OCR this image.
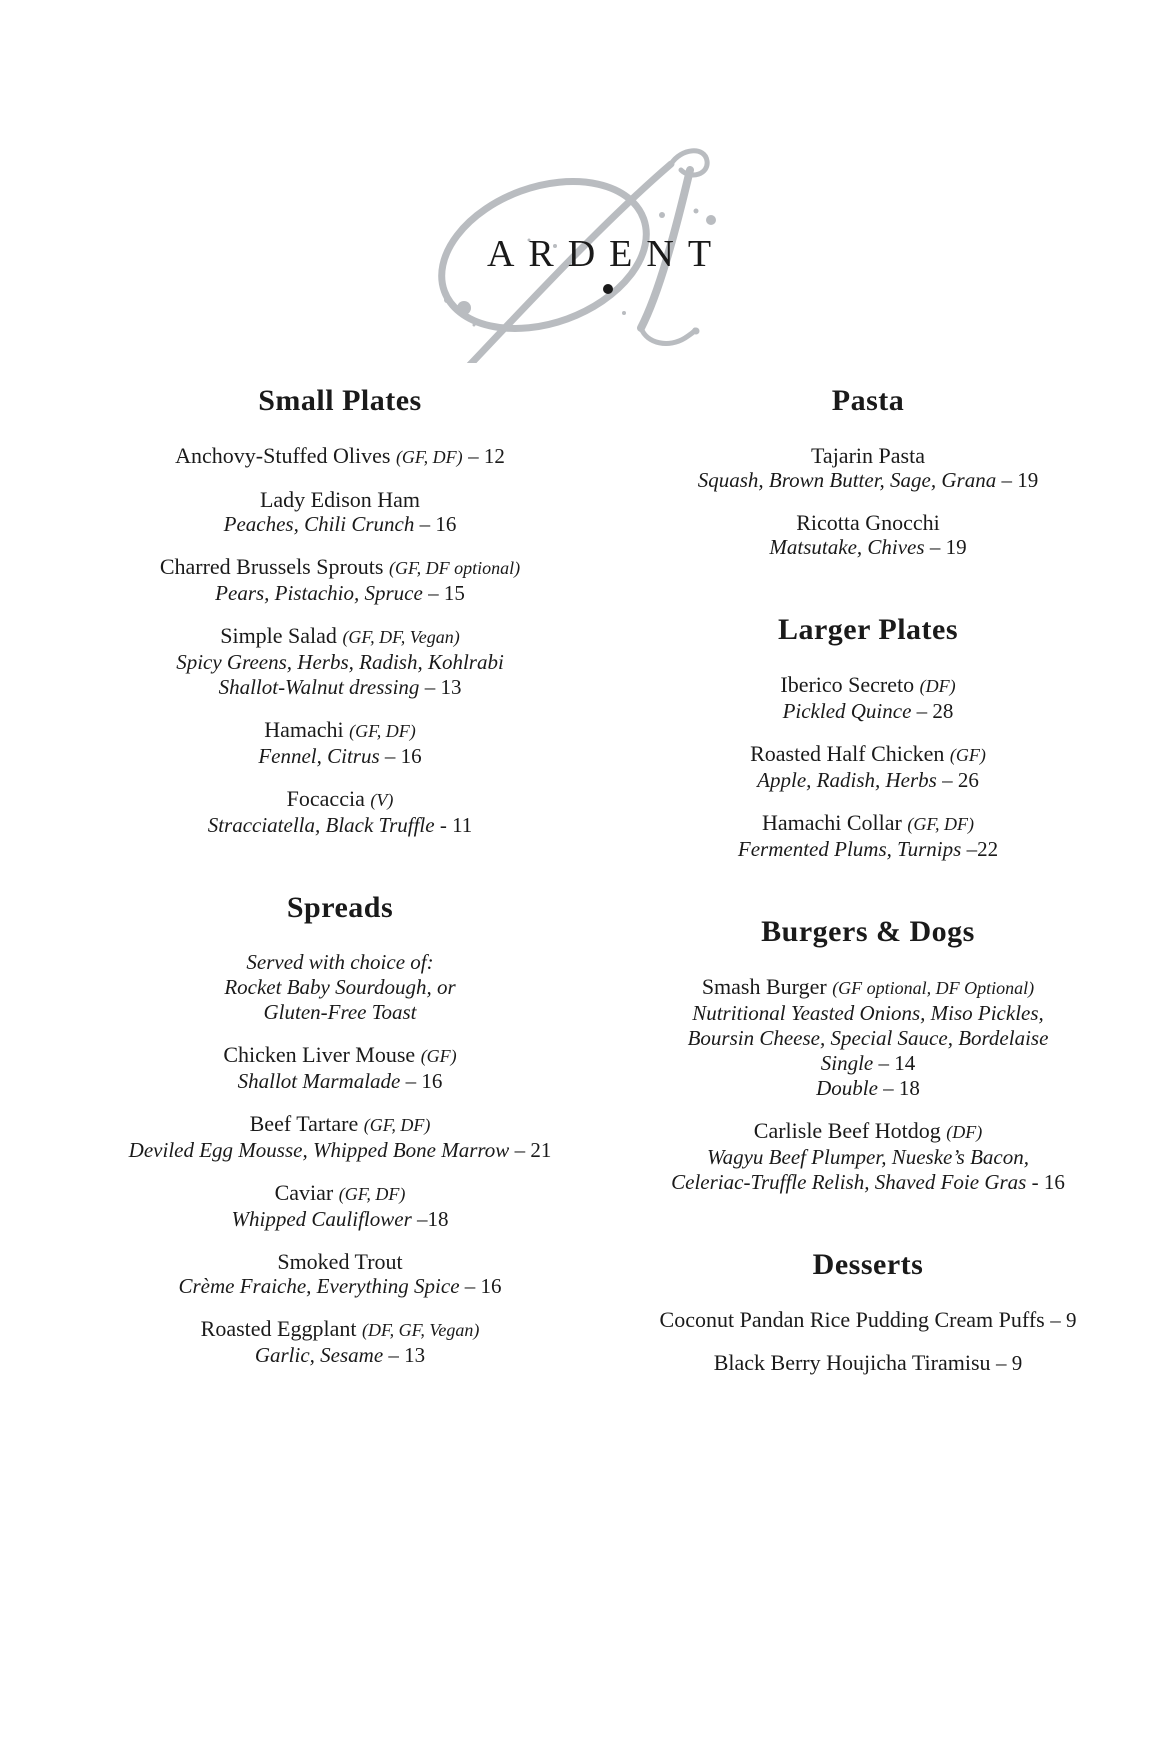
ARDENT
Small Plates
Anchovy-Stuffed Olives (GF, DF) – 12
Lady Edison Ham
Peaches, Chili Crunch – 16
Charred Brussels Sprouts (GF, DF optional)
Pears, Pistachio, Spruce – 15
Simple Salad (GF, DF, Vegan)
Spicy Greens, Herbs, Radish, Kohlrabi
Shallot-Walnut dressing – 13
Hamachi (GF, DF)
Fennel, Citrus – 16
Focaccia (V)
Stracciatella, Black Truffle - 11
Spreads
Served with choice of:
Rocket Baby Sourdough, or
Gluten-Free Toast
Chicken Liver Mouse (GF)
Shallot Marmalade – 16
Beef Tartare (GF, DF)
Deviled Egg Mousse, Whipped Bone Marrow – 21
Caviar (GF, DF)
Whipped Cauliflower –18
Smoked Trout
Crème Fraiche, Everything Spice – 16
Roasted Eggplant (DF, GF, Vegan)
Garlic, Sesame – 13
Pasta
Tajarin Pasta
Squash, Brown Butter, Sage, Grana – 19
Ricotta Gnocchi
Matsutake, Chives – 19
Larger Plates
Iberico Secreto (DF)
Pickled Quince – 28
Roasted Half Chicken (GF)
Apple, Radish, Herbs – 26
Hamachi Collar (GF, DF)
Fermented Plums, Turnips –22
Burgers & Dogs
Smash Burger (GF optional, DF Optional)
Nutritional Yeasted Onions, Miso Pickles,
Boursin Cheese, Special Sauce, Bordelaise
Single – 14
Double – 18
Carlisle Beef Hotdog (DF)
Wagyu Beef Plumper, Nueske’s Bacon,
Celeriac-Truffle Relish, Shaved Foie Gras - 16
Desserts
Coconut Pandan Rice Pudding Cream Puffs – 9
Black Berry Houjicha Tiramisu – 9
